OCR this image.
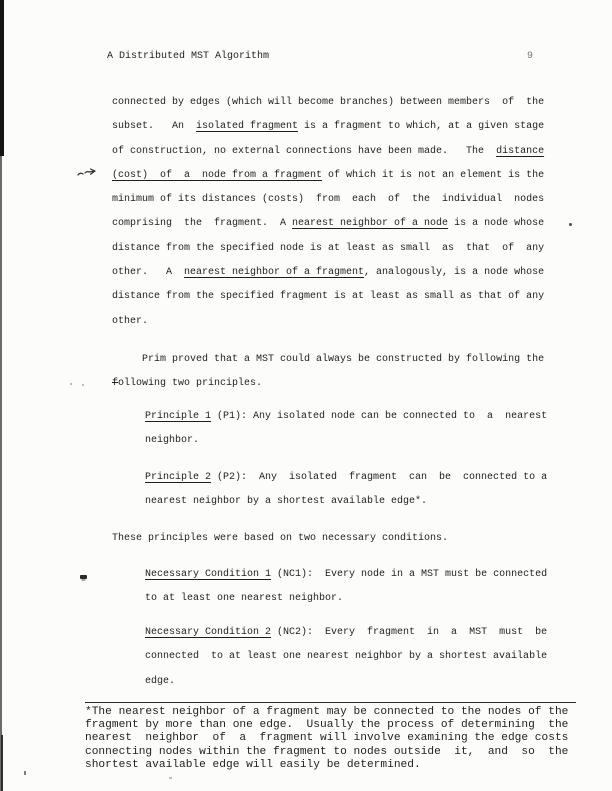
A Distributed MST Algorithm	9
connected by edges (which will become branches) between members  of  the
subset.   An  isolated fragment is a fragment to which, at a given stage
of construction, no external connections have been made.   The  distance
(cost)  of  a  node from a fragment of which it is not an element is the
minimum of its distances (costs)  from  each  of  the  individual  nodes
comprising  the  fragment.  A nearest neighbor of a node is a node whose
distance from the specified node is at least as small  as  that  of  any
other.   A  nearest neighbor of a fragment, analogously, is a node whose
distance from the specified fragment is at least as small as that of any
other.
Prim proved that a MST could always be constructed by following the
following two principles.
Principle 1 (P1): Any isolated node can be connected to  a  nearest
neighbor.
Principle 2 (P2):  Any  isolated  fragment  can  be  connected to a
nearest neighbor by a shortest available edge*.
These principles were based on two necessary conditions.
Necessary Condition 1 (NC1):  Every node in a MST must be connected
to at least one nearest neighbor.
Necessary Condition 2 (NC2):  Every  fragment  in  a  MST  must  be
connected  to at least one nearest neighbor by a shortest available
edge.
*The nearest neighbor of a fragment may be connected to the nodes of the
fragment by more than one edge.  Usually the process of determining  the
nearest  neighbor  of  a  fragment will involve examining the edge costs
connecting nodes within the fragment to nodes outside  it,  and  so  the
shortest available edge will easily be determined.
